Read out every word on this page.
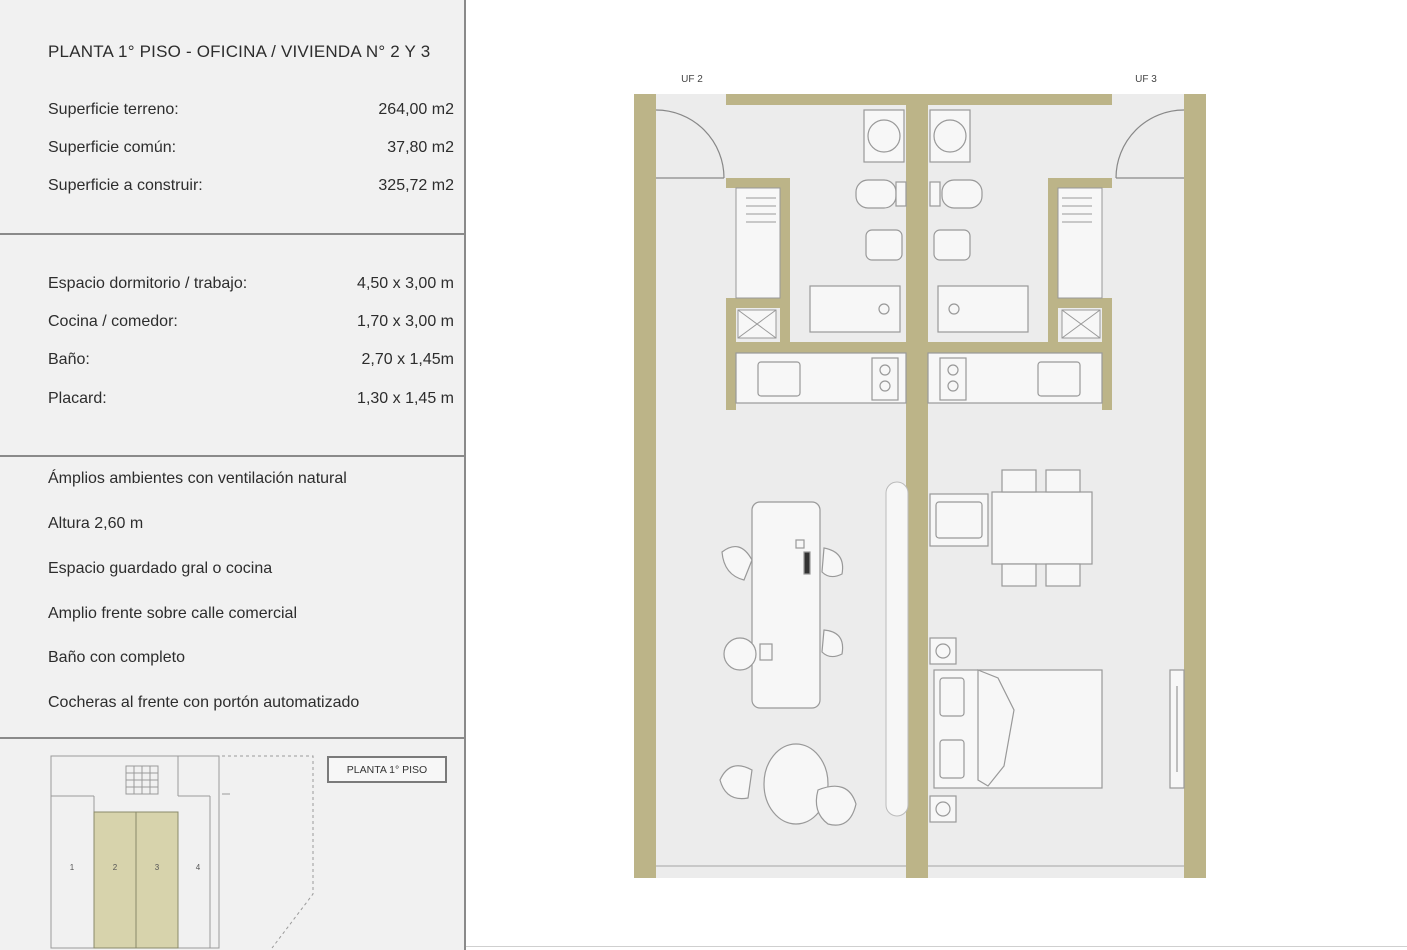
PLANTA 1° PISO - OFICINA / VIVIENDA N° 2 Y 3
Superficie terreno:	264,00 m2
Superficie común:	37,80 m2
Superficie a construir:	325,72 m2
Espacio dormitorio / trabajo:	4,50 x 3,00 m
Cocina / comedor:	1,70 x 3,00 m
Baño:	2,70 x 1,45m
Placard:	1,30 x 1,45 m
Ámplios ambientes con ventilación natural
Altura 2,60 m
Espacio guardado gral o cocina
Amplio frente sobre calle comercial
Baño con completo
Cocheras al frente con portón automatizado
1	2	3	4
PLANTA 1° PISO
UF 2	UF 3
